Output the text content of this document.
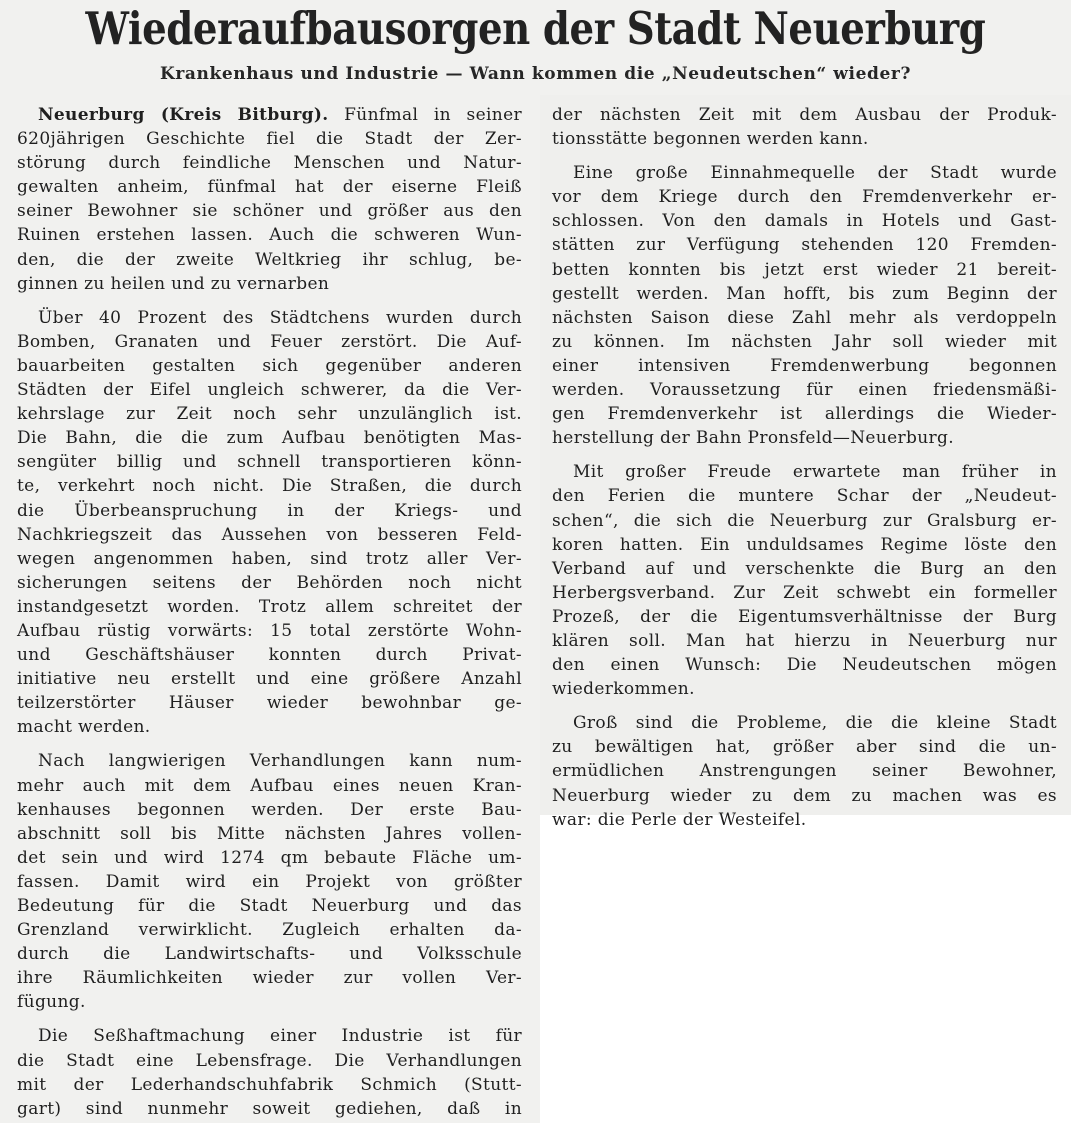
Wiederaufbausorgen der Stadt Neuerburg
Krankenhaus und Industrie — Wann kommen die „Neudeutschen“ wieder?
Neuerburg (Kreis Bitburg). Fünfmal in seiner
620jährigen Geschichte fiel die Stadt der Zer-
störung durch feindliche Menschen und Natur-
gewalten anheim, fünfmal hat der eiserne Fleiß
seiner Bewohner sie schöner und größer aus den
Ruinen erstehen lassen. Auch die schweren Wun-
den, die der zweite Weltkrieg ihr schlug, be-
ginnen zu heilen und zu vernarben
Über 40 Prozent des Städtchens wurden durch
Bomben, Granaten und Feuer zerstört. Die Auf-
bauarbeiten gestalten sich gegenüber anderen
Städten der Eifel ungleich schwerer, da die Ver-
kehrslage zur Zeit noch sehr unzulänglich ist.
Die Bahn, die die zum Aufbau benötigten Mas-
sengüter billig und schnell transportieren könn-
te, verkehrt noch nicht. Die Straßen, die durch
die Überbeanspruchung in der Kriegs- und
Nachkriegszeit das Aussehen von besseren Feld-
wegen angenommen haben, sind trotz aller Ver-
sicherungen seitens der Behörden noch nicht
instandgesetzt worden. Trotz allem schreitet der
Aufbau rüstig vorwärts: 15 total zerstörte Wohn-
und Geschäftshäuser konnten durch Privat-
initiative neu erstellt und eine größere Anzahl
teilzerstörter Häuser wieder bewohnbar ge-
macht werden.
Nach langwierigen Verhandlungen kann num-
mehr auch mit dem Aufbau eines neuen Kran-
kenhauses begonnen werden. Der erste Bau-
abschnitt soll bis Mitte nächsten Jahres vollen-
det sein und wird 1274 qm bebaute Fläche um-
fassen. Damit wird ein Projekt von größter
Bedeutung für die Stadt Neuerburg und das
Grenzland verwirklicht. Zugleich erhalten da-
durch die Landwirtschafts- und Volksschule
ihre Räumlichkeiten wieder zur vollen Ver-
fügung.
Die Seßhaftmachung einer Industrie ist für
die Stadt eine Lebensfrage. Die Verhandlungen
mit der Lederhandschuhfabrik Schmich (Stutt-
gart) sind nunmehr soweit gediehen, daß in
der nächsten Zeit mit dem Ausbau der Produk-
tionsstätte begonnen werden kann.
Eine große Einnahmequelle der Stadt wurde
vor dem Kriege durch den Fremdenverkehr er-
schlossen. Von den damals in Hotels und Gast-
stätten zur Verfügung stehenden 120 Fremden-
betten konnten bis jetzt erst wieder 21 bereit-
gestellt werden. Man hofft, bis zum Beginn der
nächsten Saison diese Zahl mehr als verdoppeln
zu können. Im nächsten Jahr soll wieder mit
einer intensiven Fremdenwerbung begonnen
werden. Voraussetzung für einen friedensmäßi-
gen Fremdenverkehr ist allerdings die Wieder-
herstellung der Bahn Pronsfeld—Neuerburg.
Mit großer Freude erwartete man früher in
den Ferien die muntere Schar der „Neudeut-
schen“, die sich die Neuerburg zur Gralsburg er-
koren hatten. Ein unduldsames Regime löste den
Verband auf und verschenkte die Burg an den
Herbergsverband. Zur Zeit schwebt ein formeller
Prozeß, der die Eigentumsverhältnisse der Burg
klären soll. Man hat hierzu in Neuerburg nur
den einen Wunsch: Die Neudeutschen mögen
wiederkommen.
Groß sind die Probleme, die die kleine Stadt
zu bewältigen hat, größer aber sind die un-
ermüdlichen Anstrengungen seiner Bewohner,
Neuerburg wieder zu dem zu machen was es
war: die Perle der Westeifel.
